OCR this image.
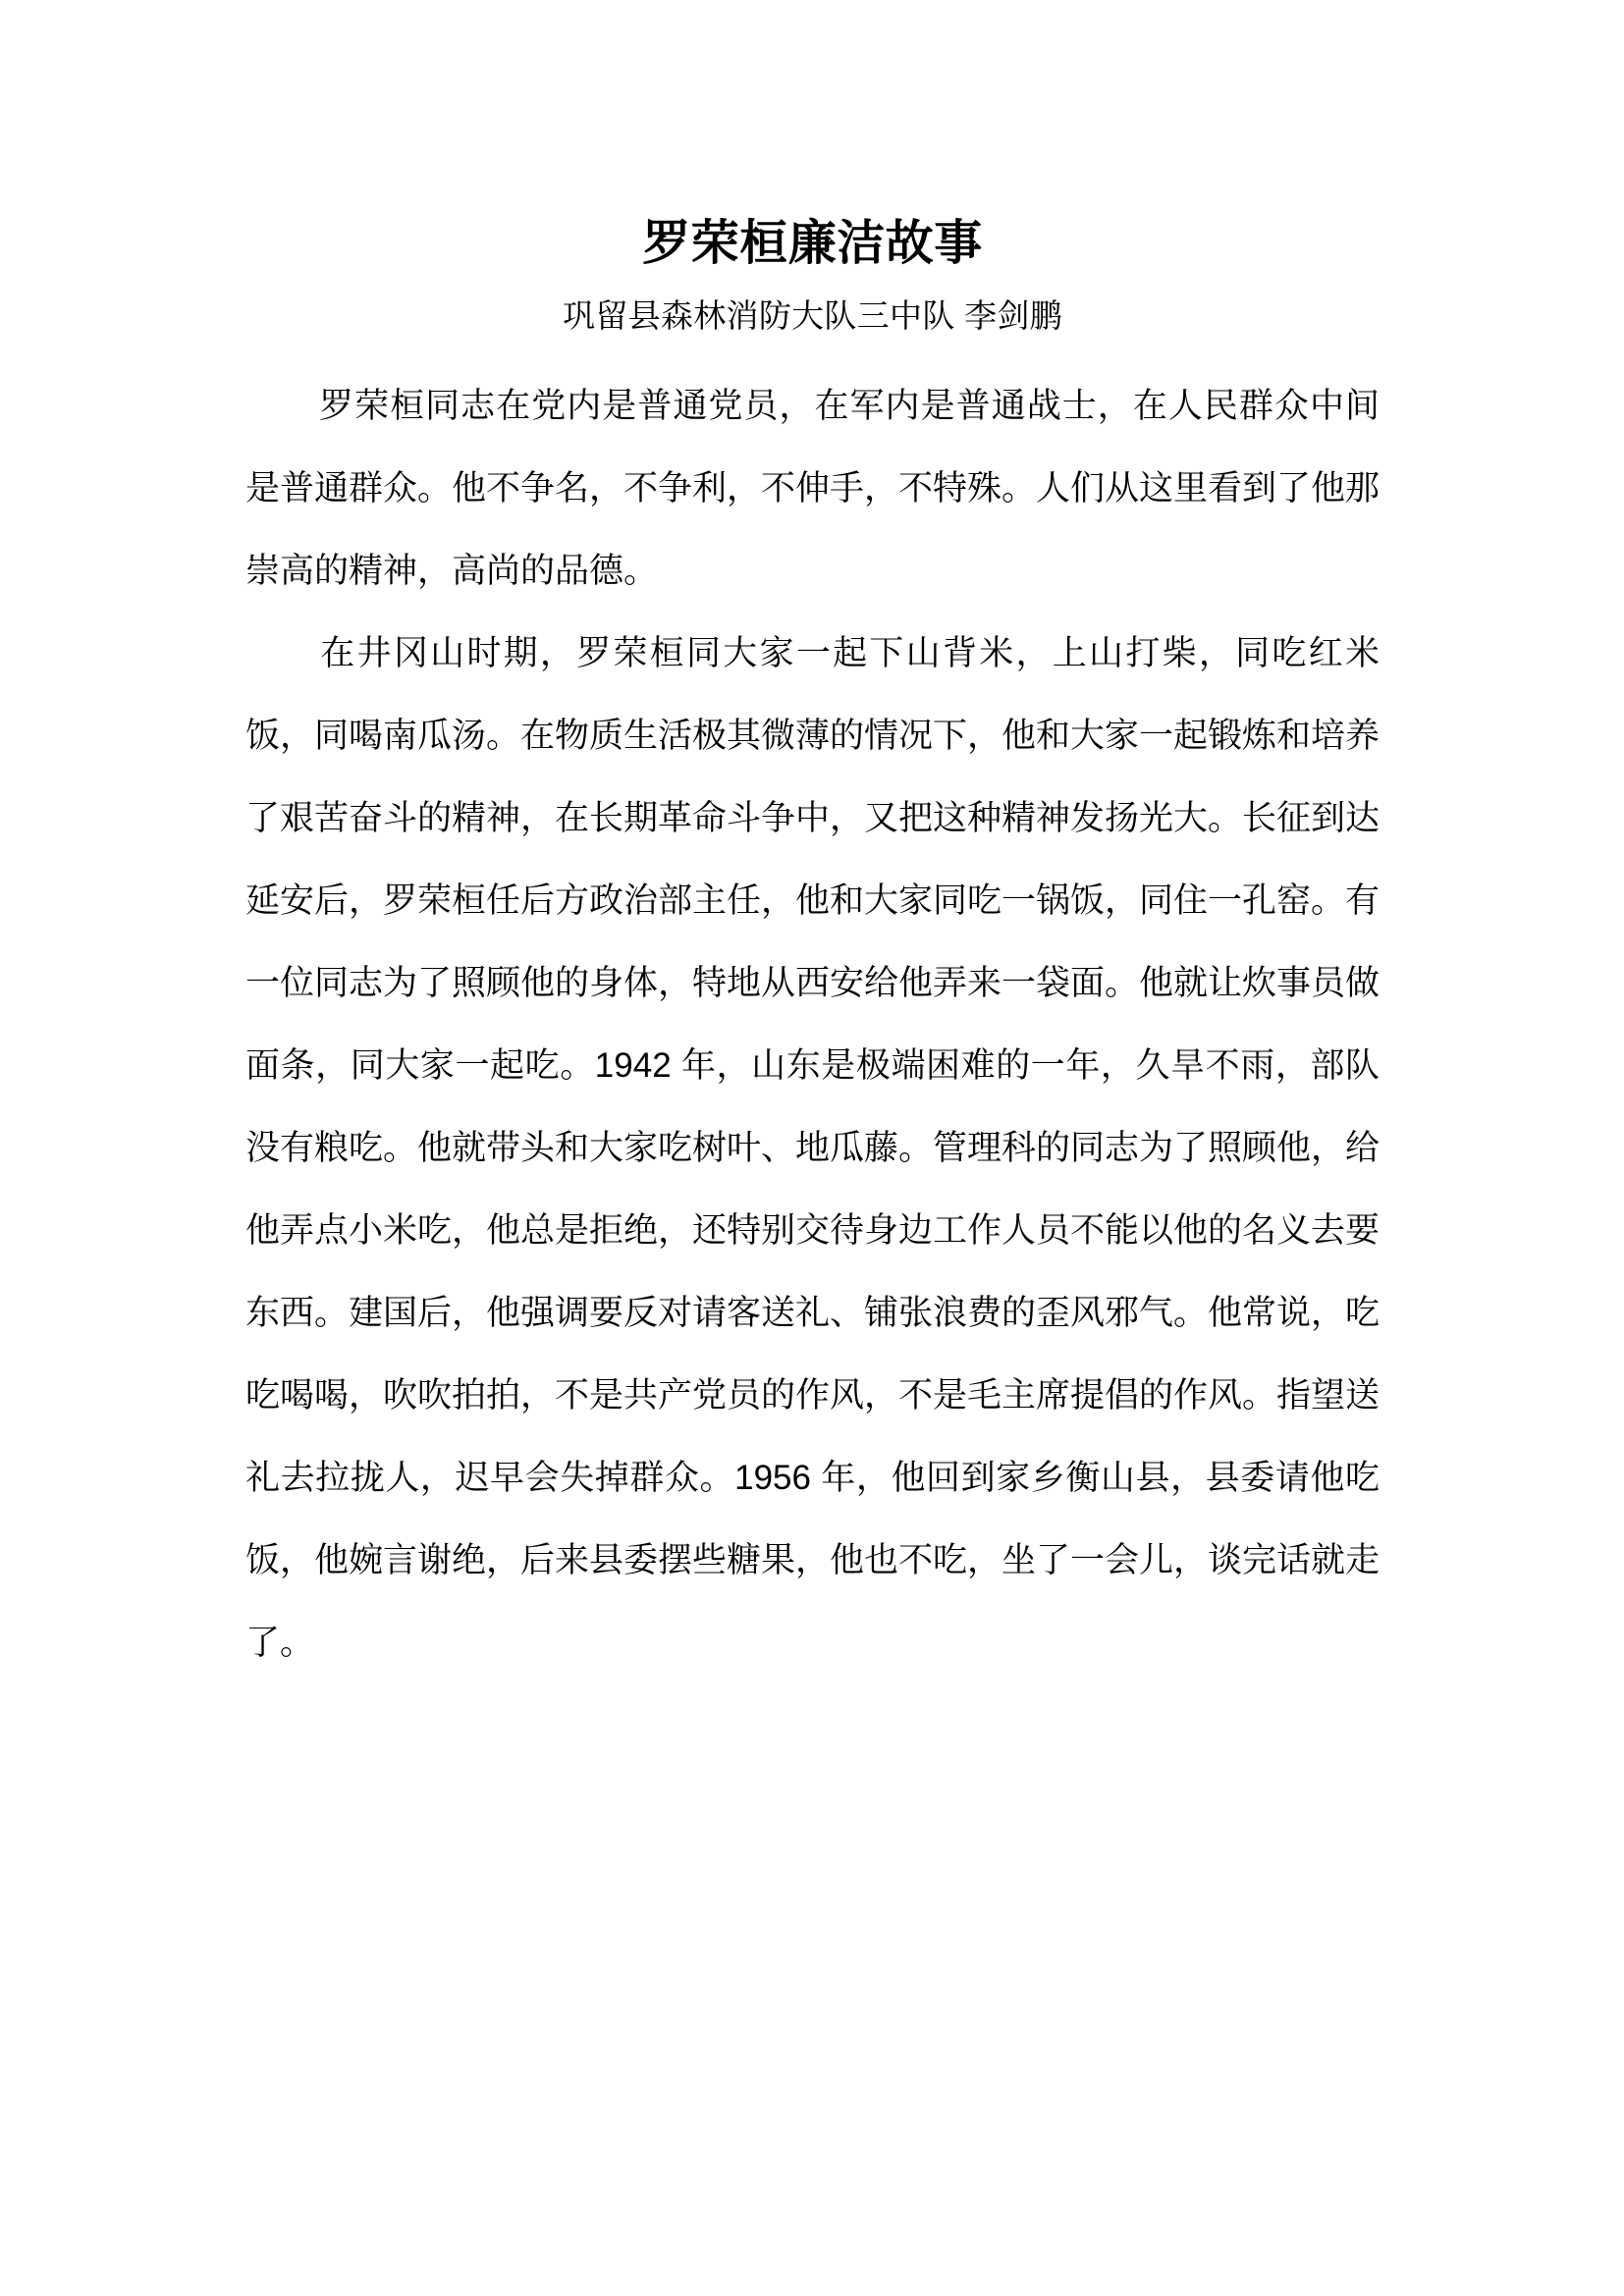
罗荣桓廉洁故事
巩留县森林消防大队三中队 李剑鹏

罗荣桓同志在党内是普通党员，在军内是普通战士，在人民群众中间是普通群众。他不争名，不争利，不伸手，不特殊。人们从这里看到了他那崇高的精神，高尚的品德。

在井冈山时期，罗荣桓同大家一起下山背米，上山打柴，同吃红米饭，同喝南瓜汤。在物质生活极其微薄的情况下，他和大家一起锻炼和培养了艰苦奋斗的精神，在长期革命斗争中，又把这种精神发扬光大。长征到达延安后，罗荣桓任后方政治部主任，他和大家同吃一锅饭，同住一孔窑。有一位同志为了照顾他的身体，特地从西安给他弄来一袋面。他就让炊事员做面条，同大家一起吃。1942 年，山东是极端困难的一年，久旱不雨，部队没有粮吃。他就带头和大家吃树叶、地瓜藤。管理科的同志为了照顾他，给他弄点小米吃，他总是拒绝，还特别交待身边工作人员不能以他的名义去要东西。建国后，他强调要反对请客送礼、铺张浪费的歪风邪气。他常说，吃吃喝喝，吹吹拍拍，不是共产党员的作风，不是毛主席提倡的作风。指望送礼去拉拢人，迟早会失掉群众。1956 年，他回到家乡衡山县，县委请他吃饭，他婉言谢绝，后来县委摆些糖果，他也不吃，坐了一会儿，谈完话就走了。
